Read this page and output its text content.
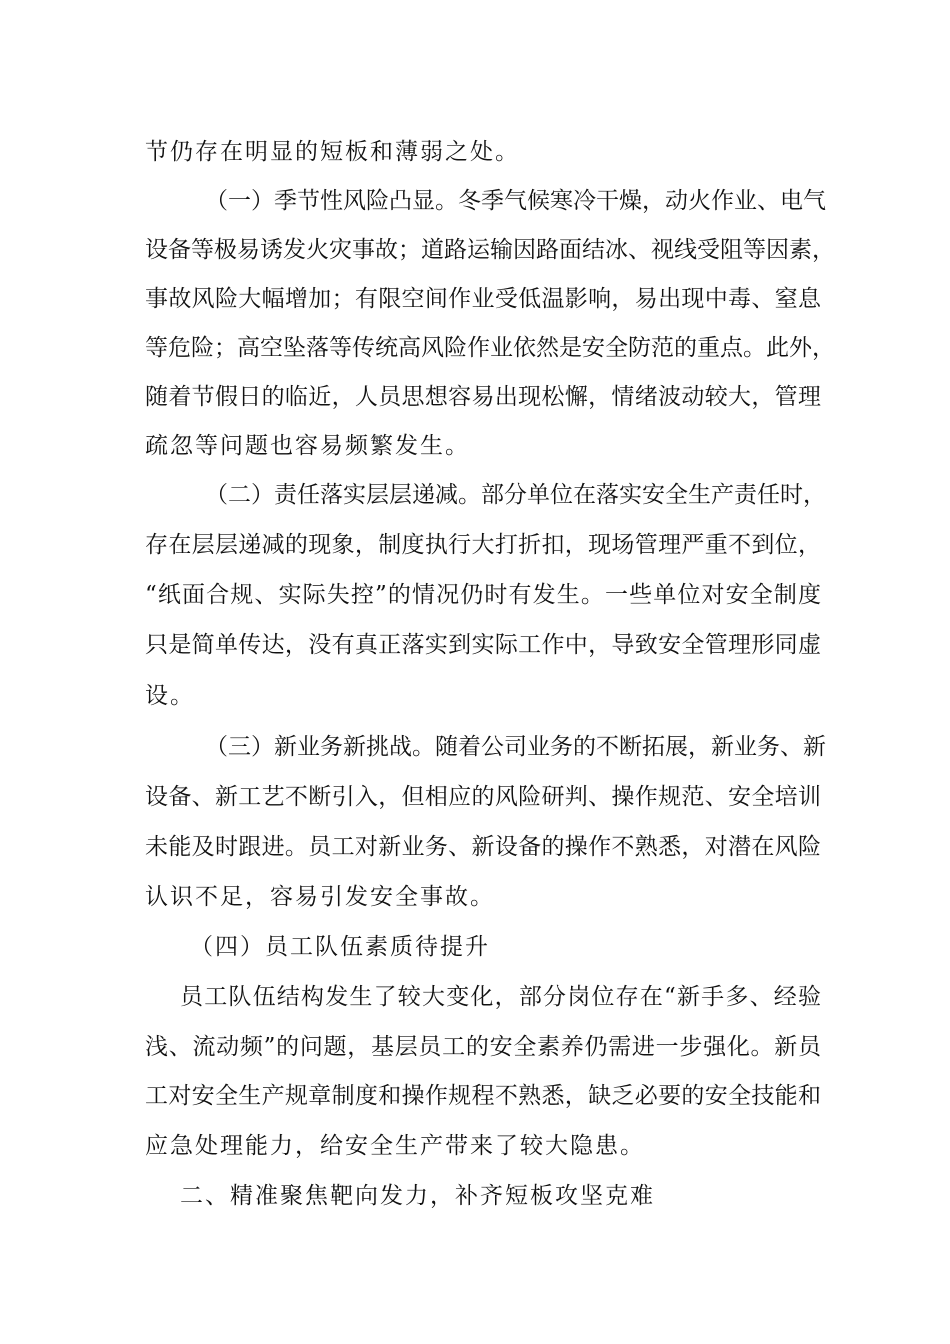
节仍存在明显的短板和薄弱之处。
（一）季节性风险凸显。冬季气候寒冷干燥，动火作业、电气
设备等极易诱发火灾事故；道路运输因路面结冰、视线受阻等因素，
事故风险大幅增加；有限空间作业受低温影响，易出现中毒、窒息
等危险；高空坠落等传统高风险作业依然是安全防范的重点。此外，
随着节假日的临近，人员思想容易出现松懈，情绪波动较大，管理
疏忽等问题也容易频繁发生。
（二）责任落实层层递减。部分单位在落实安全生产责任时，
存在层层递减的现象，制度执行大打折扣，现场管理严重不到位，
“纸面合规、实际失控”的情况仍时有发生。一些单位对安全制度
只是简单传达，没有真正落实到实际工作中，导致安全管理形同虚
设。
（三）新业务新挑战。随着公司业务的不断拓展，新业务、新
设备、新工艺不断引入，但相应的风险研判、操作规范、安全培训
未能及时跟进。员工对新业务、新设备的操作不熟悉，对潜在风险
认识不足，容易引发安全事故。
（四）员工队伍素质待提升
员工队伍结构发生了较大变化，部分岗位存在“新手多、经验
浅、流动频”的问题，基层员工的安全素养仍需进一步强化。新员
工对安全生产规章制度和操作规程不熟悉，缺乏必要的安全技能和
应急处理能力，给安全生产带来了较大隐患。
二、精准聚焦靶向发力，补齐短板攻坚克难
